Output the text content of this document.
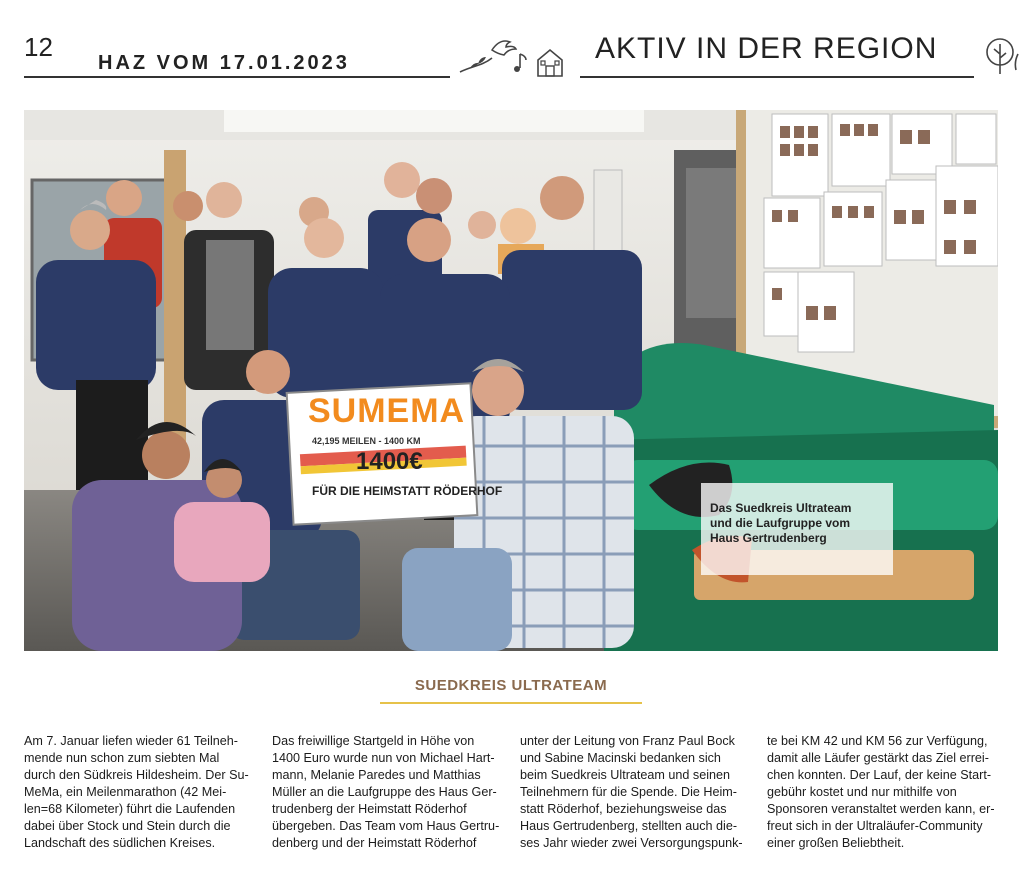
12
HAZ VOM 17.01.2023	AKTIV IN DER REGION
SUMEMA
42,195 MEILEN - 1400 KM
1400€
FÜR DIE HEIMSTATT RÖDERHOF
Das Suedkreis Ultrateam
und die Laufgruppe vom
Haus Gertrudenberg
SUEDKREIS ULTRATEAM
Am 7. Januar liefen wieder 61 Teilneh-
mende nun schon zum siebten Mal
durch den Südkreis Hildesheim. Der Su-
MeMa, ein Meilenmarathon (42 Mei-
len=68 Kilometer) führt die Laufenden
dabei über Stock und Stein durch die
Landschaft des südlichen Kreises.
Das freiwillige Startgeld in Höhe von
1400 Euro wurde nun von Michael Hart-
mann, Melanie Paredes und Matthias
Müller an die Laufgruppe des Haus Ger-
trudenberg der Heimstatt Röderhof
übergeben. Das Team vom Haus Gertru-
denberg und der Heimstatt Röderhof
unter der Leitung von Franz Paul Bock
und Sabine Macinski bedanken sich
beim Suedkreis Ultrateam und seinen
Teilnehmern für die Spende. Die Heim-
statt Röderhof, beziehungsweise das
Haus Gertrudenberg, stellten auch die-
ses Jahr wieder zwei Versorgungspunk-
te bei KM 42 und KM 56 zur Verfügung,
damit alle Läufer gestärkt das Ziel errei-
chen konnten. Der Lauf, der keine Start-
gebühr kostet und nur mithilfe von
Sponsoren veranstaltet werden kann, er-
freut sich in der Ultraläufer-Community
einer großen Beliebtheit.
